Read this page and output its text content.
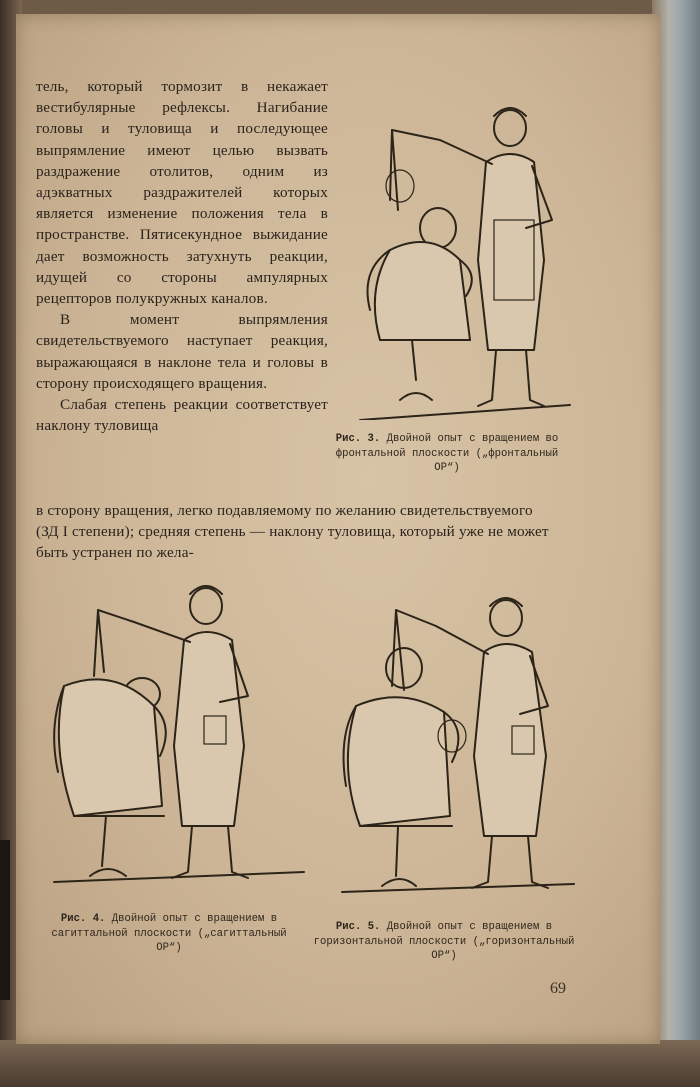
тель, который тормозит в некажает вестибулярные рефлексы. Нагибание головы и туловища и последующее выпрямление имеют целью вызвать раздражение отолитов, одним из адэкватных раздражителей которых является изменение положения тела в пространстве. Пятисекундное выжидание дает возможность затухнуть реакции, идущей со стороны ампулярных рецепторов полукружных каналов.

В момент выпрямления свидетельствуемого наступает реакция, выражающаяся в наклоне тела и головы в сторону происходящего вращения.

Слабая степень реакции соответствует наклону туловища

в сторону вращения, легко подавляемому по желанию свидетельствуемого (ЗД I степени); средняя степень — наклону туловища, который уже не может быть устранен по жела-

Рис. 3. Двойной опыт с вращением во фронтальной плоскости („фронтальный ОР“)
Рис. 4. Двойной опыт с вращением в сагиттальной плоскости („сагиттальный ОР“)
Рис. 5. Двойной опыт с вращением в горизонтальной плоскости („горизонтальный ОР“)
69
